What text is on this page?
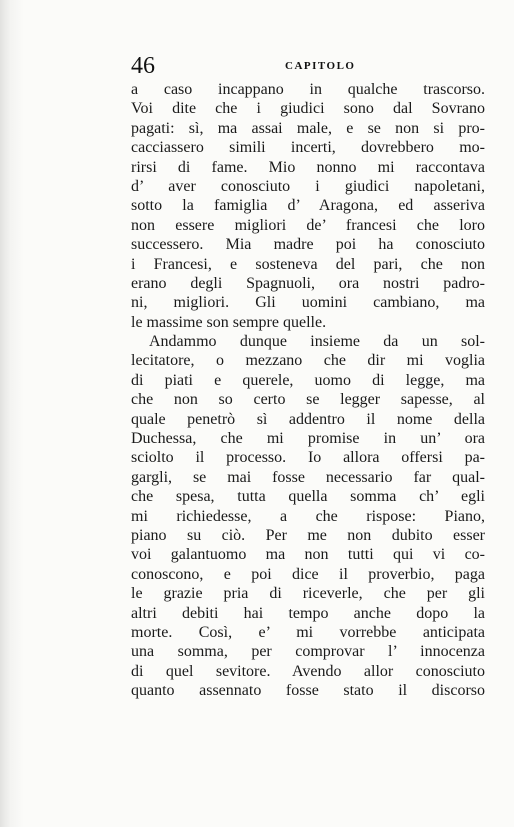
46	CAPITOLO
a caso incappano in qualche trascorso.
Voi dite che i giudici sono dal Sovrano
pagati: sì, ma assai male, e se non si pro-
cacciassero simili incerti, dovrebbero mo-
rirsi di fame. Mio nonno mi raccontava
d’ aver conosciuto i giudici napoletani,
sotto la famiglia d’ Aragona, ed asseriva
non essere migliori de’ francesi che loro
successero. Mia madre poi ha conosciuto
i Francesi, e sosteneva del pari, che non
erano degli Spagnuoli, ora nostri padro-
ni, migliori. Gli uomini cambiano, ma
le massime son sempre quelle.
Andammo dunque insieme da un sol-
lecitatore, o mezzano che dir mi voglia
di piati e querele, uomo di legge, ma
che non so certo se legger sapesse, al
quale penetrò sì addentro il nome della
Duchessa, che mi promise in un’ ora
sciolto il processo. Io allora offersi pa-
gargli, se mai fosse necessario far qual-
che spesa, tutta quella somma ch’ egli
mi richiedesse, a che rispose: Piano,
piano su ciò. Per me non dubito esser
voi galantuomo ma non tutti qui vi co-
conoscono, e poi dice il proverbio, paga
le grazie pria di riceverle, che per gli
altri debiti hai tempo anche dopo la
morte. Così, e’ mi vorrebbe anticipata
una somma, per comprovar l’ innocenza
di quel sevitore. Avendo allor conosciuto
quanto assennato fosse stato il discorso
